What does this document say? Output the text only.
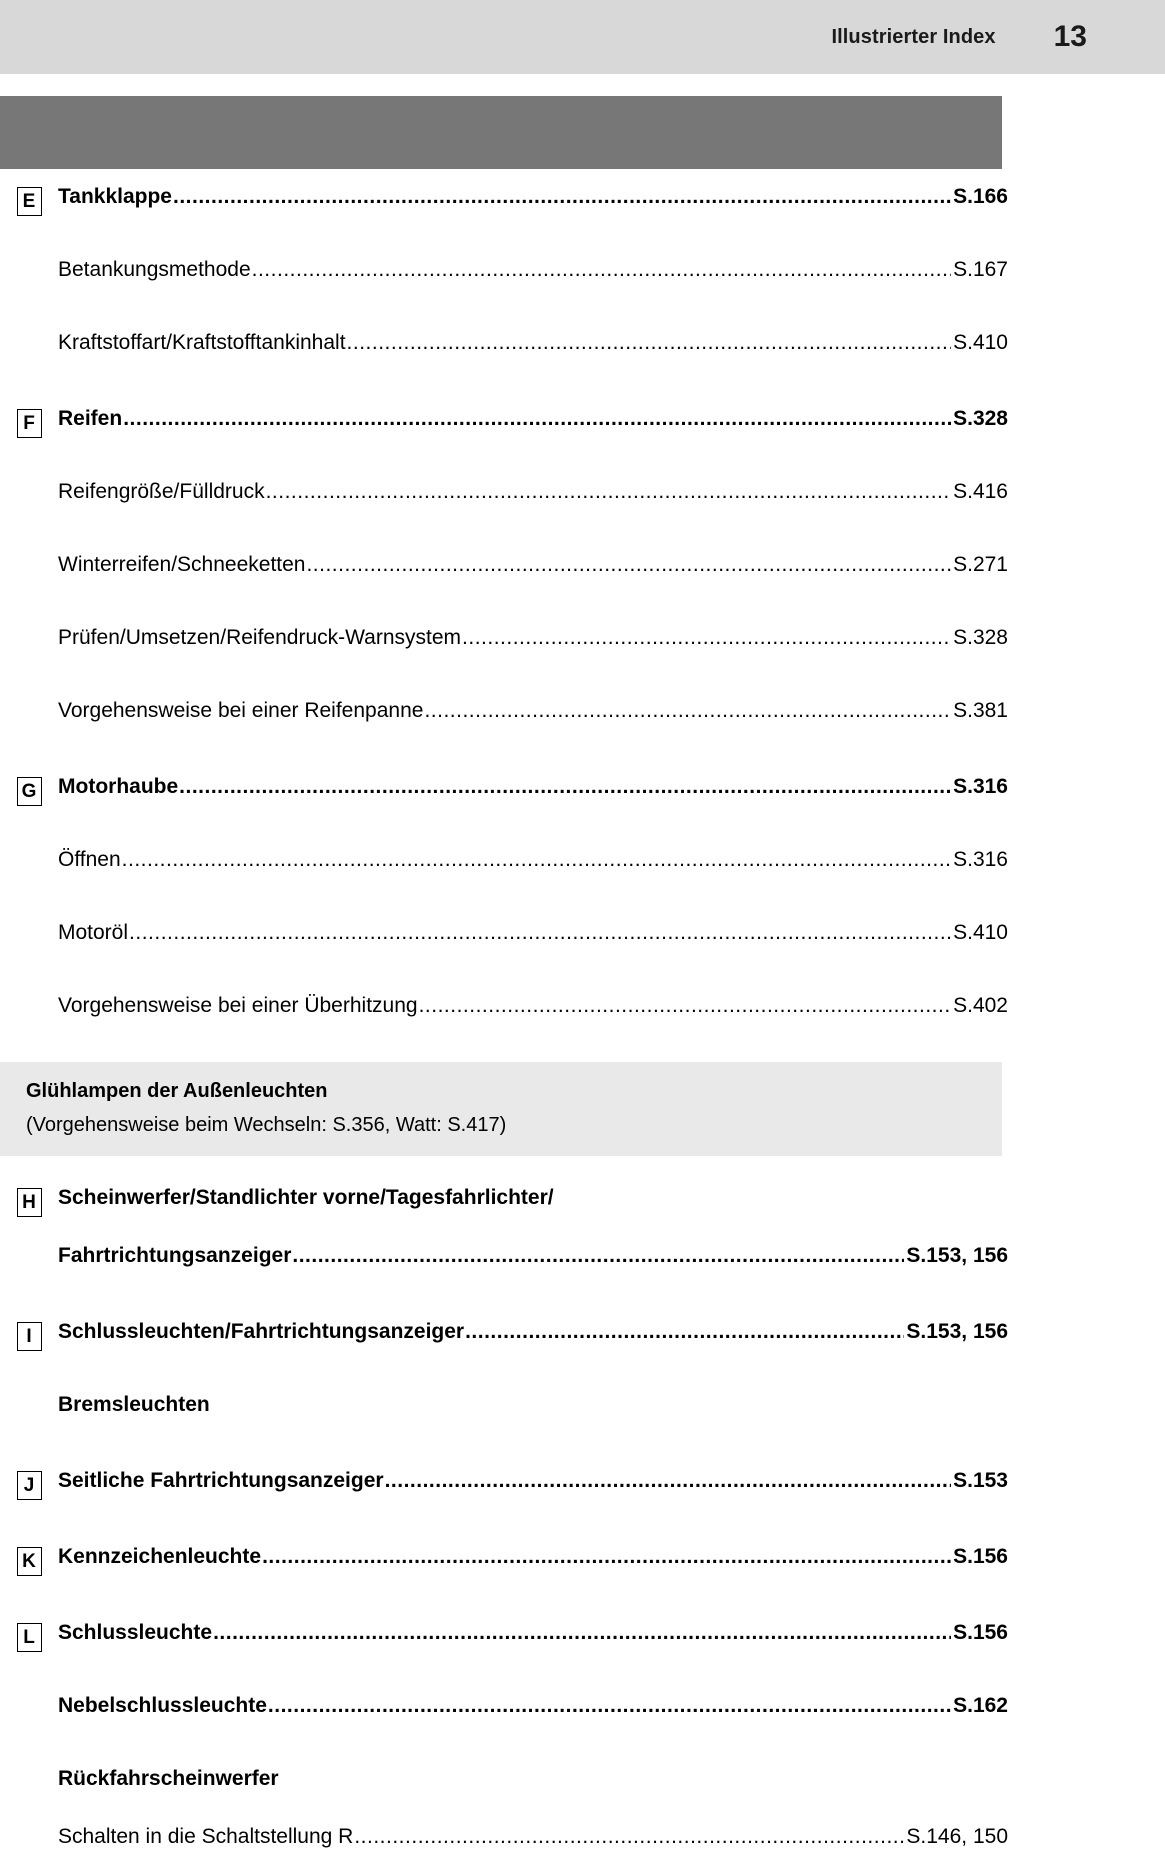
Illustrierter Index 13
E Tankklappe .....	S.166
Betankungsmethode .....	S.167
Kraftstoffart/Kraftstofftankinhalt .....	S.410
F	Reifen .....	S.328
Reifengröße/Fülldruck .....	S.416
Winterreifen/Schneeketten .....	S.271
Prüfen/Umsetzen/Reifendruck-Warnsystem .....	S.328
Vorgehensweise bei einer Reifenpanne .....	S.381
G Motorhaube .....	S.316
Öffnen .....	S.316
Motoröl .....	S.410
Vorgehensweise bei einer Überhitzung .....	S.402
Glühlampen der Außenleuchten
(Vorgehensweise beim Wechseln: S.356, Watt: S.417)
H Scheinwerfer/Standlichter vorne/Tagesfahrlichter/
Fahrtrichtungsanzeiger .....	S.153, 156
I	Schlussleuchten/Fahrtrichtungsanzeiger .....	S.153, 156
Bremsleuchten
J	Seitliche Fahrtrichtungsanzeiger .....	S.153
K Kennzeichenleuchte .....	S.156
L	Schlussleuchte .....	S.156
Nebelschlussleuchte .....	S.162
Rückfahrscheinwerfer
Schalten in die Schaltstellung R .....	S.146, 150
